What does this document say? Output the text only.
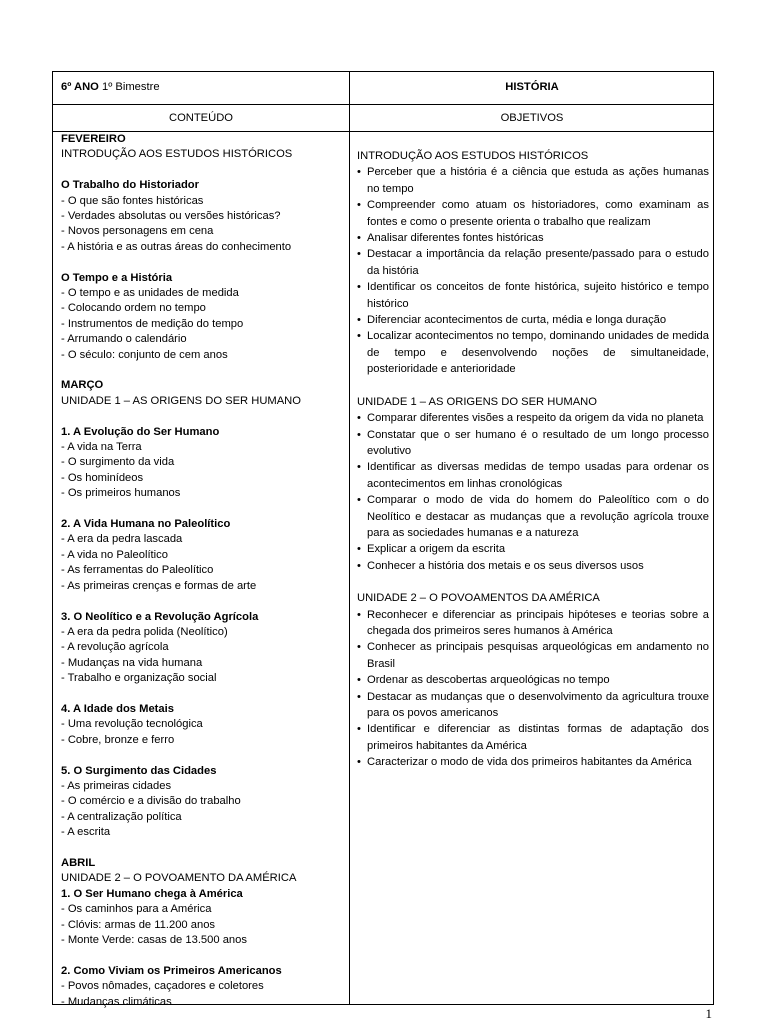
6º ANO 1º Bimestre	HISTÓRIA
CONTEÚDO	OBJETIVOS
FEVEREIRO
INTRODUÇÃO AOS ESTUDOS HISTÓRICOS
O Trabalho do Historiador
- O que são fontes históricas
- Verdades absolutas ou versões históricas?
- Novos personagens em cena
- A história e as outras áreas do conhecimento
O Tempo e a História
- O tempo e as unidades de medida
- Colocando ordem no tempo
- Instrumentos de medição do tempo
- Arrumando o calendário
- O século: conjunto de cem anos
MARÇO
UNIDADE 1 – AS ORIGENS DO SER HUMANO
1. A Evolução do Ser Humano
- A vida na Terra
- O surgimento da vida
- Os hominídeos
- Os primeiros humanos
2. A Vida Humana no Paleolítico
- A era da pedra lascada
- A vida no Paleolítico
- As ferramentas do Paleolítico
- As primeiras crenças e formas de arte
3. O Neolítico e a Revolução Agrícola
- A era da pedra polida (Neolítico)
- A revolução agrícola
- Mudanças na vida humana
- Trabalho e organização social
4. A Idade dos Metais
- Uma revolução tecnológica
- Cobre, bronze e ferro
5. O Surgimento das Cidades
- As primeiras cidades
- O comércio e a divisão do trabalho
- A centralização política
- A escrita
ABRIL
UNIDADE 2 – O POVOAMENTO DA AMÉRICA
1. O Ser Humano chega à América
- Os caminhos para a América
- Clóvis: armas de 11.200 anos
- Monte Verde: casas de 13.500 anos
2. Como Viviam os Primeiros Americanos
- Povos nômades, caçadores e coletores
- Mudanças climáticas
INTRODUÇÃO AOS ESTUDOS HISTÓRICOS
• Perceber que a história é a ciência que estuda as ações humanas no tempo
• Compreender como atuam os historiadores, como examinam as fontes e como o presente orienta o trabalho que realizam
• Analisar diferentes fontes históricas
• Destacar a importância da relação presente/passado para o estudo da história
• Identificar os conceitos de fonte histórica, sujeito histórico e tempo histórico
• Diferenciar acontecimentos de curta, média e longa duração
• Localizar acontecimentos no tempo, dominando unidades de medida de tempo e desenvolvendo noções de simultaneidade, posterioridade e anterioridade
UNIDADE 1 – AS ORIGENS DO SER HUMANO
• Comparar diferentes visões a respeito da origem da vida no planeta
• Constatar que o ser humano é o resultado de um longo processo evolutivo
• Identificar as diversas medidas de tempo usadas para ordenar os acontecimentos em linhas cronológicas
• Comparar o modo de vida do homem do Paleolítico com o do Neolítico e destacar as mudanças que a revolução agrícola trouxe para as sociedades humanas e a natureza
• Explicar a origem da escrita
• Conhecer a história dos metais e os seus diversos usos
UNIDADE 2 – O POVOAMENTOS DA AMÉRICA
• Reconhecer e diferenciar as principais hipóteses e teorias sobre a chegada dos primeiros seres humanos à América
• Conhecer as principais pesquisas arqueológicas em andamento no Brasil
• Ordenar as descobertas arqueológicas no tempo
• Destacar as mudanças que o desenvolvimento da agricultura trouxe para os povos americanos
• Identificar e diferenciar as distintas formas de adaptação dos primeiros habitantes da América
• Caracterizar o modo de vida dos primeiros habitantes da América
1
